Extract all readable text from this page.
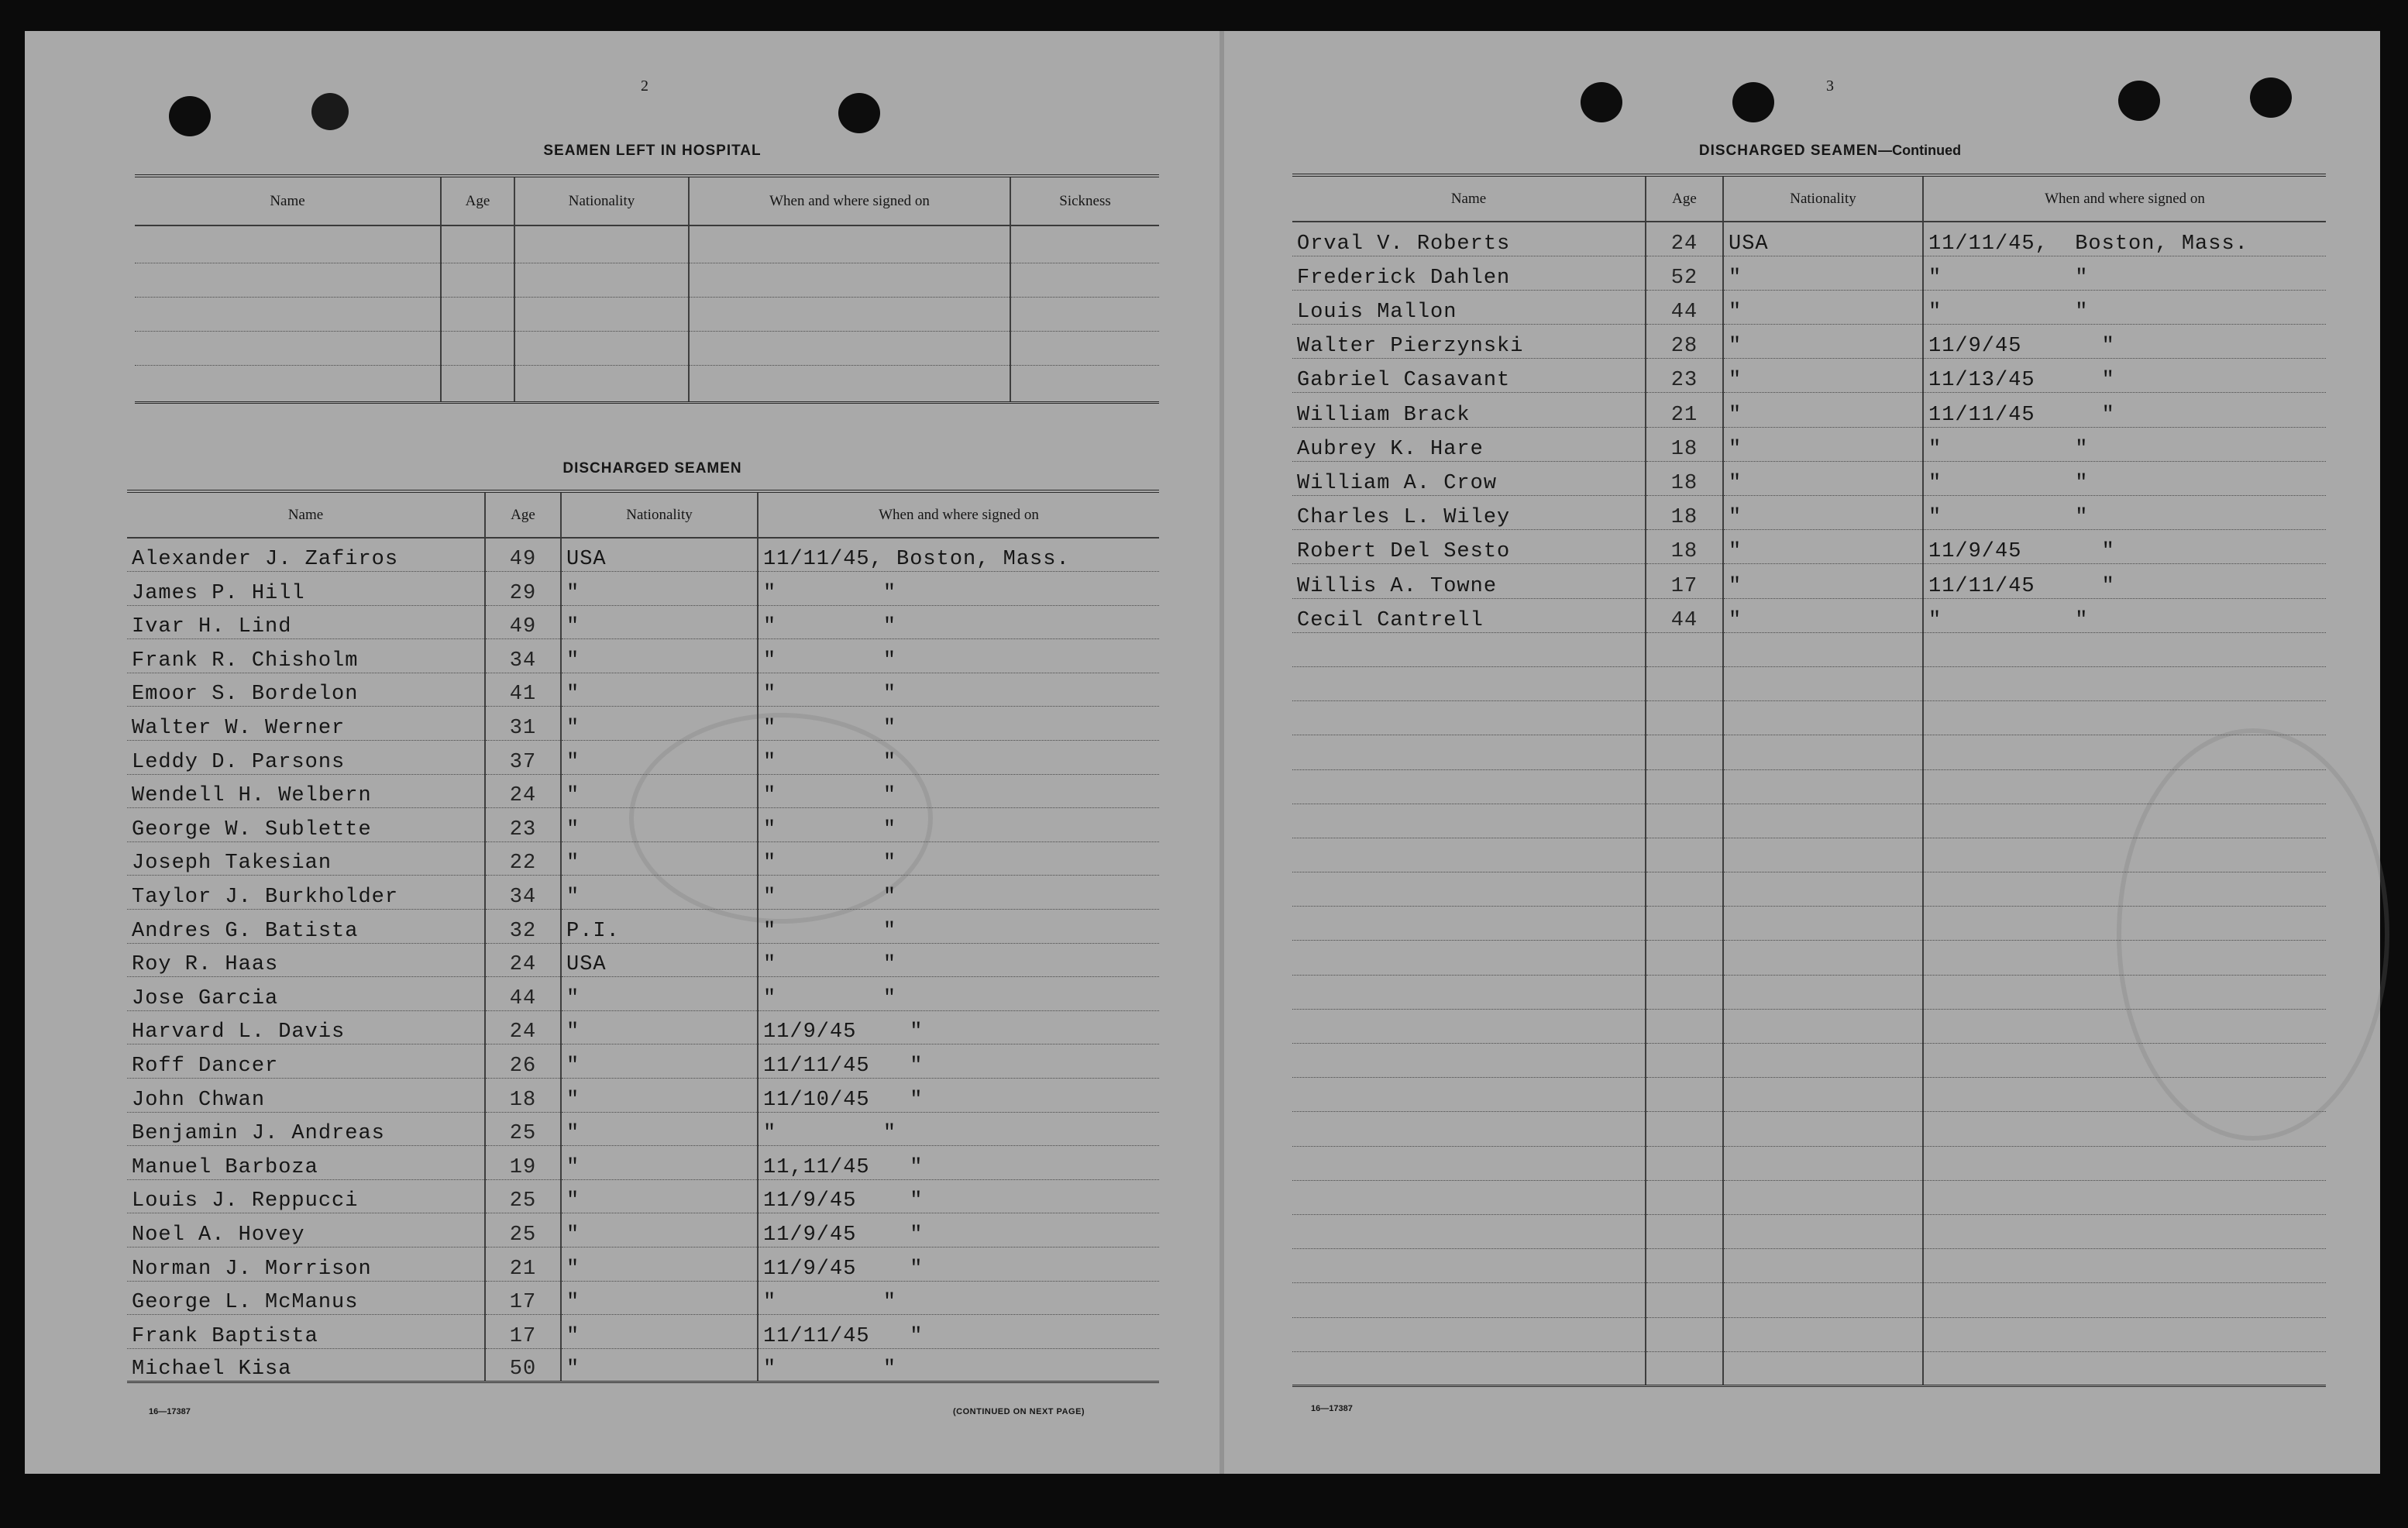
2
SEAMEN LEFT IN HOSPITAL
Name	Age	Nationality	When and where signed on	Sickness

DISCHARGED SEAMEN
Name	Age	Nationality	When and where signed on
Alexander J. Zafiros	49	USA	11/11/45, Boston, Mass.
James P. Hill	29	"	"        "
Ivar H. Lind	49	"	"        "
Frank R. Chisholm	34	"	"        "
Emoor S. Bordelon	41	"	"        "
Walter W. Werner	31	"	"        "
Leddy D. Parsons	37	"	"        "
Wendell H. Welbern	24	"	"        "
George W. Sublette	23	"	"        "
Joseph Takesian	22	"	"        "
Taylor J. Burkholder	34	"	"        "
Andres G. Batista	32	P.I.	"        "
Roy R. Haas	24	USA	"        "
Jose Garcia	44	"	"        "
Harvard L. Davis	24	"	11/9/45    "
Roff Dancer	26	"	11/11/45   "
John Chwan	18	"	11/10/45   "
Benjamin J. Andreas	25	"	"        "
Manuel Barboza	19	"	11,11/45   "
Louis J. Reppucci	25	"	11/9/45    "
Noel A. Hovey	25	"	11/9/45    "
Norman J. Morrison	21	"	11/9/45    "
George L. McManus	17	"	"        "
Frank Baptista	17	"	11/11/45   "
Michael Kisa	50	"	"        "
16—17387	(CONTINUED ON NEXT PAGE)
3
DISCHARGED SEAMEN—Continued
Name	Age	Nationality	When and where signed on
Orval V. Roberts	24	USA	11/11/45,  Boston, Mass.
Frederick Dahlen	52	"	"          "
Louis Mallon	44	"	"          "
Walter Pierzynski	28	"	11/9/45      "
Gabriel Casavant	23	"	11/13/45     "
William Brack	21	"	11/11/45     "
Aubrey K. Hare	18	"	"          "
William A. Crow	18	"	"          "
Charles L. Wiley	18	"	"          "
Robert Del Sesto	18	"	11/9/45      "
Willis A. Towne	17	"	11/11/45     "
Cecil Cantrell	44	"	"          "

16—17387
